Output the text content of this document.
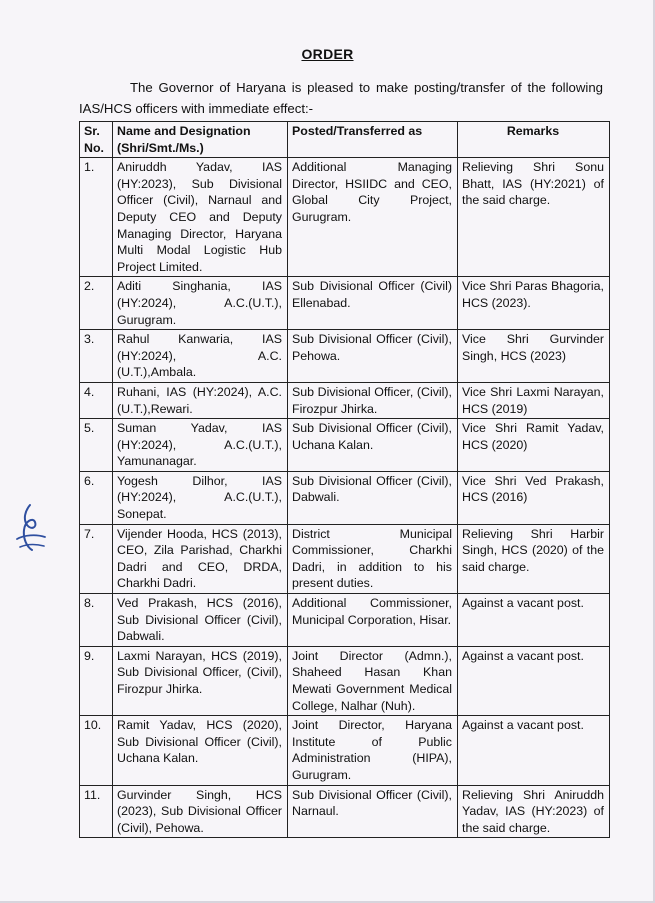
ORDER
The Governor of Haryana is pleased to make posting/transfer of the following
IAS/HCS officers with immediate effect:-
Sr. No.	Name and Designation (Shri/Smt./Ms.)	Posted/Transferred as	Remarks
1.	Aniruddh Yadav, IAS (HY:2023), Sub Divisional Officer (Civil), Narnaul and Deputy CEO and Deputy Managing Director, Haryana Multi Modal Logistic Hub Project Limited.	Additional Managing Director, HSIIDC and CEO, Global City Project, Gurugram.	Relieving Shri Sonu Bhatt, IAS (HY:2021) of the said charge.
2.	Aditi Singhania, IAS (HY:2024), A.C.(U.T.), Gurugram.	Sub Divisional Officer (Civil) Ellenabad.	Vice Shri Paras Bhagoria, HCS (2023).
3.	Rahul Kanwaria, IAS (HY:2024), A.C.(U.T.),Ambala.	Sub Divisional Officer (Civil), Pehowa.	Vice Shri Gurvinder Singh, HCS (2023)
4.	Ruhani, IAS (HY:2024), A.C.(U.T.),Rewari.	Sub Divisional Officer, (Civil), Firozpur Jhirka.	Vice Shri Laxmi Narayan, HCS (2019)
5.	Suman Yadav, IAS (HY:2024), A.C.(U.T.), Yamunanagar.	Sub Divisional Officer (Civil), Uchana Kalan.	Vice Shri Ramit Yadav, HCS (2020)
6.	Yogesh Dilhor, IAS (HY:2024), A.C.(U.T.), Sonepat.	Sub Divisional Officer (Civil), Dabwali.	Vice Shri Ved Prakash, HCS (2016)
7.	Vijender Hooda, HCS (2013), CEO, Zila Parishad, Charkhi Dadri and CEO, DRDA, Charkhi Dadri.	District Municipal Commissioner, Charkhi Dadri, in addition to his present duties.	Relieving Shri Harbir Singh, HCS (2020) of the said charge.
8.	Ved Prakash, HCS (2016), Sub Divisional Officer (Civil), Dabwali.	Additional Commissioner, Municipal Corporation, Hisar.	Against a vacant post.
9.	Laxmi Narayan, HCS (2019), Sub Divisional Officer, (Civil), Firozpur Jhirka.	Joint Director (Admn.), Shaheed Hasan Khan Mewati Government Medical College, Nalhar (Nuh).	Against a vacant post.
10.	Ramit Yadav, HCS (2020), Sub Divisional Officer (Civil), Uchana Kalan.	Joint Director, Haryana Institute of Public Administration (HIPA), Gurugram.	Against a vacant post.
11.	Gurvinder Singh, HCS (2023), Sub Divisional Officer (Civil), Pehowa.	Sub Divisional Officer (Civil), Narnaul.	Relieving Shri Aniruddh Yadav, IAS (HY:2023) of the said charge.
